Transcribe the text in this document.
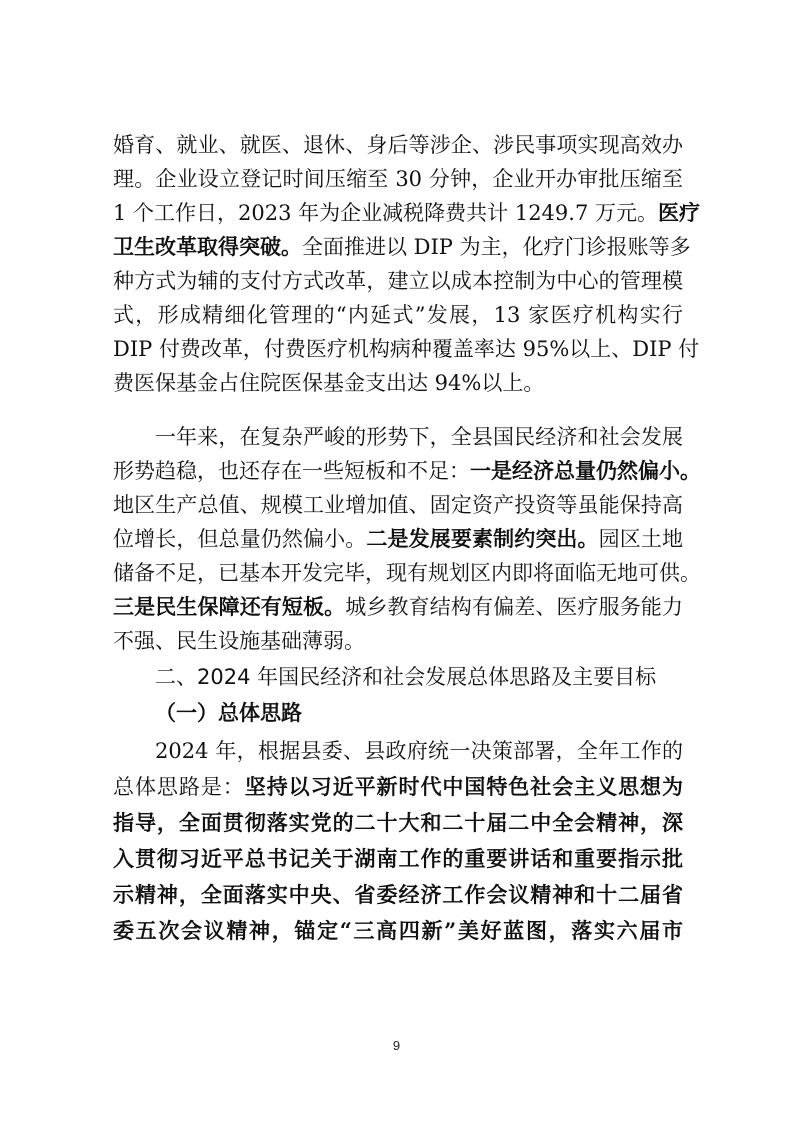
婚育、就业、就医、退休、身后等涉企、涉民事项实现高效办
理。企业设立登记时间压缩至 30 分钟，企业开办审批压缩至
1 个工作日，2023 年为企业减税降费共计 1249.7 万元。医疗
卫生改革取得突破。全面推进以 DIP 为主，化疗门诊报账等多
种方式为辅的支付方式改革，建立以成本控制为中心的管理模
式，形成精细化管理的“内延式”发展，13 家医疗机构实行
DIP 付费改革，付费医疗机构病种覆盖率达 95%以上、DIP 付
费医保基金占住院医保基金支出达 94%以上。
一年来，在复杂严峻的形势下，全县国民经济和社会发展
形势趋稳，也还存在一些短板和不足：一是经济总量仍然偏小。
地区生产总值、规模工业增加值、固定资产投资等虽能保持高
位增长，但总量仍然偏小。二是发展要素制约突出。园区土地
储备不足，已基本开发完毕，现有规划区内即将面临无地可供。
三是民生保障还有短板。城乡教育结构有偏差、医疗服务能力
不强、民生设施基础薄弱。
二、2024 年国民经济和社会发展总体思路及主要目标
（一）总体思路
2024 年，根据县委、县政府统一决策部署，全年工作的
总体思路是：坚持以习近平新时代中国特色社会主义思想为
指导，全面贯彻落实党的二十大和二十届二中全会精神，深
入贯彻习近平总书记关于湖南工作的重要讲话和重要指示批
示精神，全面落实中央、省委经济工作会议精神和十二届省
委五次会议精神，锚定“三高四新”美好蓝图，落实六届市
9
